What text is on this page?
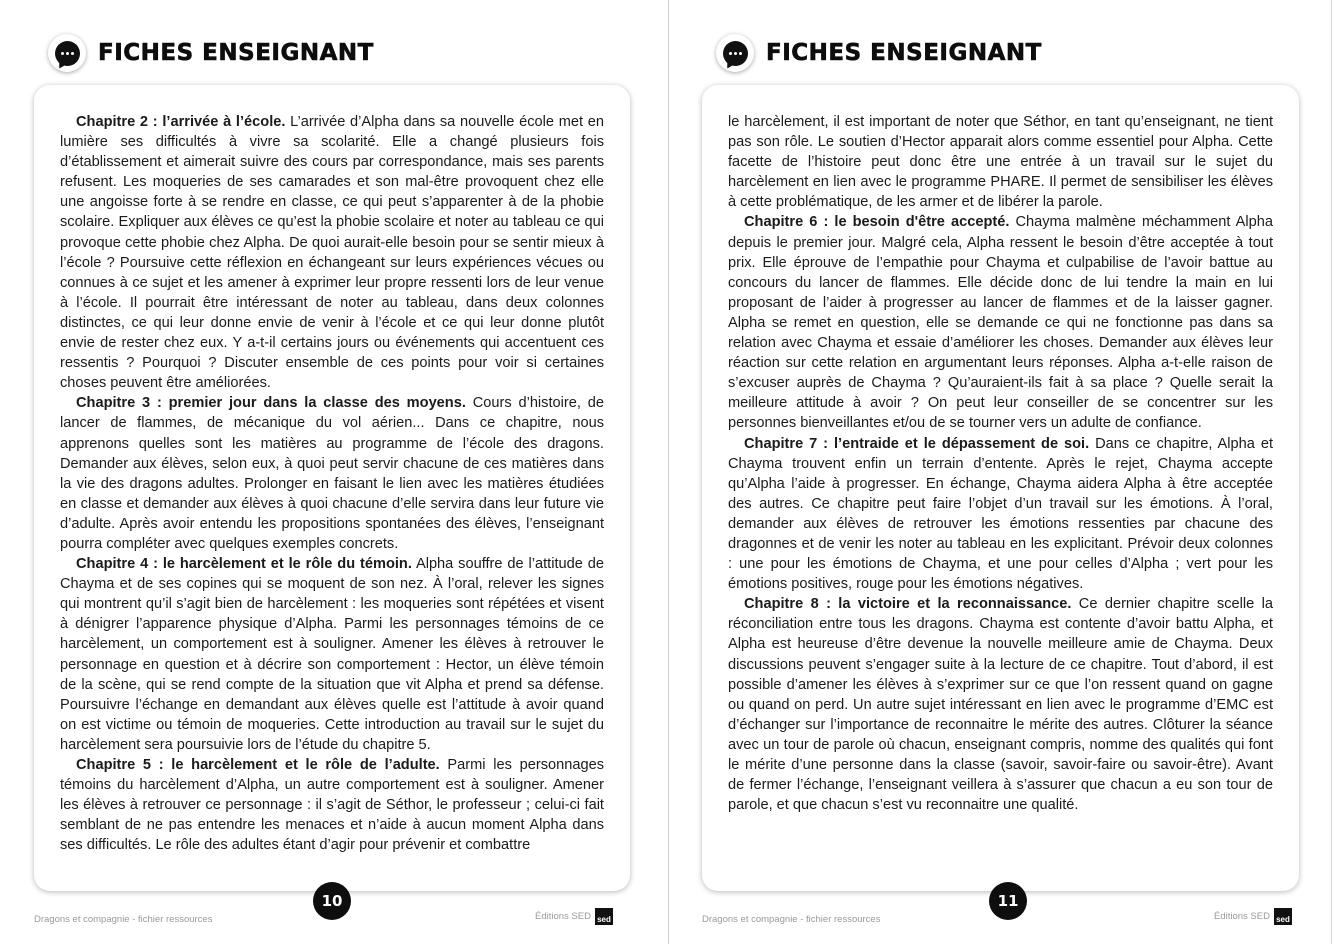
FICHES ENSEIGNANT

Chapitre 2 : l’arrivée à l’école. L’arrivée d’Alpha dans sa nouvelle école met en lumière ses difficultés à vivre sa scolarité. Elle a changé plusieurs fois d’établissement et aimerait suivre des cours par correspondance, mais ses parents refusent. Les moqueries de ses camarades et son mal-être provoquent chez elle une angoisse forte à se rendre en classe, ce qui peut s’apparenter à de la phobie scolaire. Expliquer aux élèves ce qu’est la phobie scolaire et noter au tableau ce qui provoque cette phobie chez Alpha. De quoi aurait-elle besoin pour se sentir mieux à l’école ? Poursuive cette réflexion en échangeant sur leurs expériences vécues ou connues à ce sujet et les amener à exprimer leur propre ressenti lors de leur venue à l’école. Il pourrait être intéressant de noter au tableau, dans deux colonnes distinctes, ce qui leur donne envie de venir à l’école et ce qui leur donne plutôt envie de rester chez eux. Y a-t-il certains jours ou événements qui accentuent ces ressentis ? Pourquoi ? Discuter ensemble de ces points pour voir si certaines choses peuvent être améliorées.

Chapitre 3 : premier jour dans la classe des moyens. Cours d’histoire, de lancer de flammes, de mécanique du vol aérien... Dans ce chapitre, nous apprenons quelles sont les matières au programme de l’école des dragons. Demander aux élèves, selon eux, à quoi peut servir chacune de ces matières dans la vie des dragons adultes. Prolonger en faisant le lien avec les matières étudiées en classe et demander aux élèves à quoi chacune d’elle servira dans leur future vie d’adulte. Après avoir entendu les propositions spontanées des élèves, l’enseignant pourra compléter avec quelques exemples concrets.

Chapitre 4 : le harcèlement et le rôle du témoin. Alpha souffre de l’attitude de Chayma et de ses copines qui se moquent de son nez. À l’oral, relever les signes qui montrent qu’il s’agit bien de harcèlement : les moqueries sont répétées et visent à dénigrer l’apparence physique d’Alpha. Parmi les personnages témoins de ce harcèlement, un comportement est à souligner. Amener les élèves à retrouver le personnage en question et à décrire son comportement : Hector, un élève témoin de la scène, qui se rend compte de la situation que vit Alpha et prend sa défense. Poursuivre l’échange en demandant aux élèves quelle est l’attitude à avoir quand on est victime ou témoin de moqueries. Cette introduction au travail sur le sujet du harcèlement sera poursuivie lors de l’étude du chapitre 5.

Chapitre 5 : le harcèlement et le rôle de l’adulte. Parmi les personnages témoins du harcèlement d’Alpha, un autre comportement est à souligner. Amener les élèves à retrouver ce personnage : il s’agit de Séthor, le professeur ; celui-ci fait semblant de ne pas entendre les menaces et n’aide à aucun moment Alpha dans ses difficultés. Le rôle des adultes étant d’agir pour prévenir et combattre

10
Dragons et compagnie - fichier ressources	Éditions SED sed
FICHES ENSEIGNANT

le harcèlement, il est important de noter que Séthor, en tant qu’enseignant, ne tient pas son rôle. Le soutien d’Hector apparait alors comme essentiel pour Alpha. Cette facette de l’histoire peut donc être une entrée à un travail sur le sujet du harcèlement en lien avec le programme PHARE. Il permet de sensibiliser les élèves à cette problématique, de les armer et de libérer la parole.

Chapitre 6 : le besoin d'être accepté. Chayma malmène méchamment Alpha depuis le premier jour. Malgré cela, Alpha ressent le besoin d’être acceptée à tout prix. Elle éprouve de l’empathie pour Chayma et culpabilise de l’avoir battue au concours du lancer de flammes. Elle décide donc de lui tendre la main en lui proposant de l’aider à progresser au lancer de flammes et de la laisser gagner. Alpha se remet en question, elle se demande ce qui ne fonctionne pas dans sa relation avec Chayma et essaie d’améliorer les choses. Demander aux élèves leur réaction sur cette relation en argumentant leurs réponses. Alpha a-t-elle raison de s’excuser auprès de Chayma ? Qu’auraient-ils fait à sa place ? Quelle serait la meilleure attitude à avoir ? On peut leur conseiller de se concentrer sur les personnes bienveillantes et/ou de se tourner vers un adulte de confiance.

Chapitre 7 : l’entraide et le dépassement de soi. Dans ce chapitre, Alpha et Chayma trouvent enfin un terrain d’entente. Après le rejet, Chayma accepte qu’Alpha l’aide à progresser. En échange, Chayma aidera Alpha à être acceptée des autres. Ce chapitre peut faire l’objet d’un travail sur les émotions. À l’oral, demander aux élèves de retrouver les émotions ressenties par chacune des dragonnes et de venir les noter au tableau en les explicitant. Prévoir deux colonnes : une pour les émotions de Chayma, et une pour celles d’Alpha ; vert pour les émotions positives, rouge pour les émotions négatives.

Chapitre 8 : la victoire et la reconnaissance. Ce dernier chapitre scelle la réconciliation entre tous les dragons. Chayma est contente d’avoir battu Alpha, et Alpha est heureuse d’être devenue la nouvelle meilleure amie de Chayma. Deux discussions peuvent s’engager suite à la lecture de ce chapitre. Tout d’abord, il est possible d’amener les élèves à s’exprimer sur ce que l’on ressent quand on gagne ou quand on perd. Un autre sujet intéressant en lien avec le programme d’EMC est d’échanger sur l’importance de reconnaitre le mérite des autres. Clôturer la séance avec un tour de parole où chacun, enseignant compris, nomme des qualités qui font le mérite d’une personne dans la classe (savoir, savoir-faire ou savoir-être). Avant de fermer l’échange, l’enseignant veillera à s’assurer que chacun a eu son tour de parole, et que chacun s’est vu reconnaitre une qualité.

11
Dragons et compagnie - fichier ressources	Éditions SED sed
